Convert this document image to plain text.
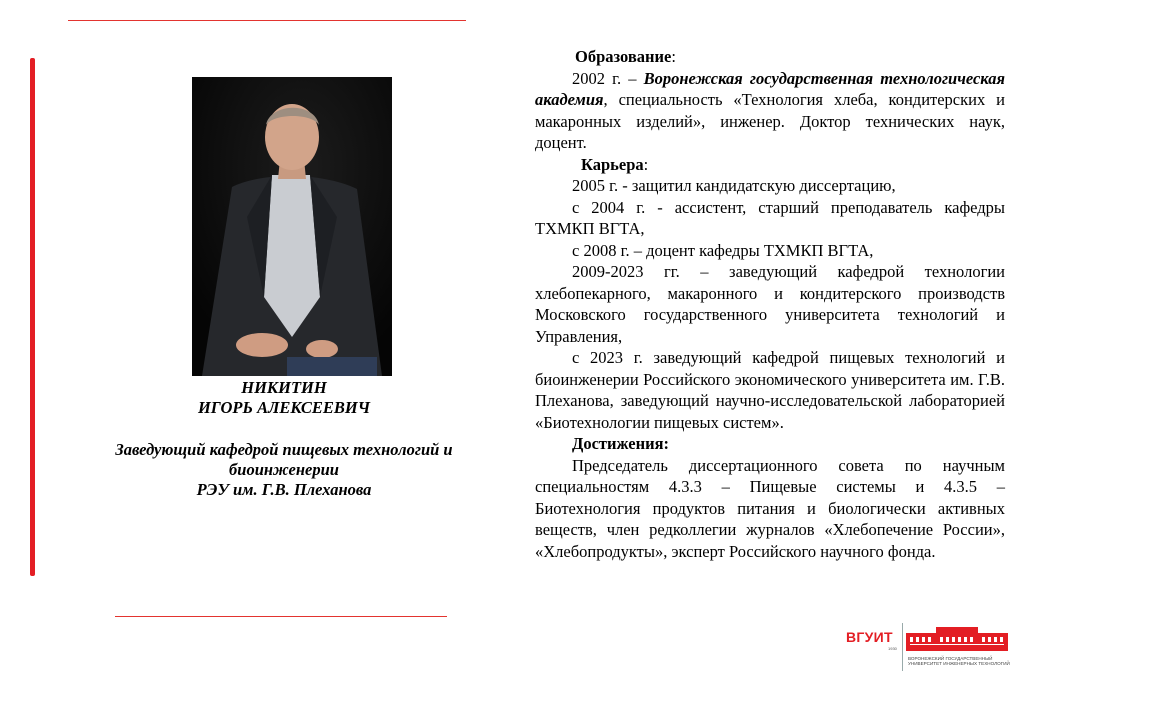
НИКИТИН
ИГОРЬ АЛЕКСЕЕВИЧ
Заведующий кафедрой пищевых технологий и
биоинженерии
РЭУ им. Г.В. Плеханова

Образование:

2002 г. – Воронежская государственная технологическая академия, специальность «Технология хлеба, кондитерских и макаронных изделий», инженер. Доктор технических наук, доцент.

Карьера:

2005 г. - защитил кандидатскую диссертацию,

с 2004 г. - ассистент, старший преподаватель кафедры ТХМКП ВГТА,

с 2008 г. – доцент кафедры ТХМКП ВГТА,

2009-2023 гг. – заведующий кафедрой технологии хлебопекарного, макаронного и кондитерского производств Московского государственного университета технологий и Управления,

с 2023 г. заведующий кафедрой пищевых технологий и биоинженерии Российского экономического университета им. Г.В. Плеханова, заведующий научно-исследовательской лабораторией «Биотехнологии пищевых систем».

Достижения:

Председатель диссертационного совета по научным специальностям 4.3.3 – Пищевые системы и 4.3.5 – Биотехнология продуктов питания и биологически активных веществ, член редколлегии журналов «Хлебопечение России», «Хлебопродукты», эксперт Российского научного фонда.

ВГУИТ
1930
ВОРОНЕЖСКИЙ ГОСУДАРСТВЕННЫЙ УНИВЕРСИТЕТ ИНЖЕНЕРНЫХ ТЕХНОЛОГИЙ
